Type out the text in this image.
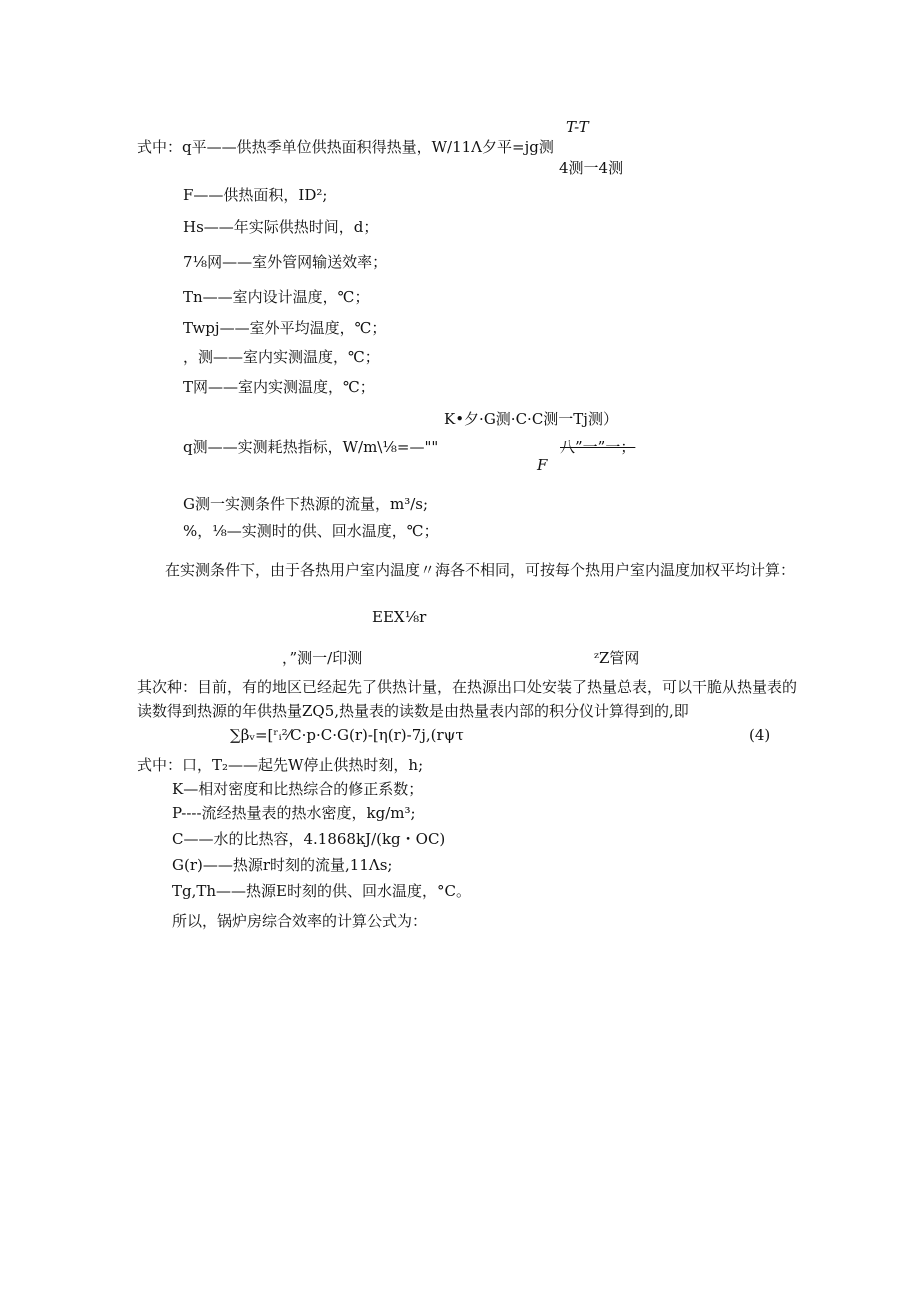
T-T
式中：q平——供热季单位供热面积得热量，W/11Λ夕平=jg测
4测一4测
F——供热面积，ID²;
Hs——年实际供热时间，d；
7⅛网——室外管网输送效率；
Tn——室内设计温度，℃；
Twpj——室外平均温度，℃；
，测——室内实测温度，℃；
T网——室内实测温度，℃；
K•夕·G测·C·C测一Tj测）
q测——实测耗热指标，W/m\⅛=—""	八”一”一；
F
G测一实测条件下热源的流量，m³/s;
%，⅛—实测时的供、回水温度，℃；
在实测条件下，由于各热用户室内温度〃海各不相同，可按每个热用户室内温度加权平均计算：
EEX⅛r
，”测一/印测	ᶻZ管网
其次种：目前，有的地区已经起先了供热计量，在热源出口处安装了热量总表，可以干脆从热量表的
读数得到热源的年供热量ZQ5,热量表的读数是由热量表内部的积分仪计算得到的,即
∑βᵥ=[ʳᵢ²⁄C·p·C·G(r)-[η(r)-7j,(rψτ	(4)
式中：口，T₂——起先W停止供热时刻，h;
K—相对密度和比热综合的修正系数；
P----流经热量表的热水密度，kg/m³;
C——水的比热容，4.1868kJ/(kg・OC)
G(r)——热源r时刻的流量,11Λs;
Tg,Th——热源E时刻的供、回水温度，°C。
所以，锅炉房综合效率的计算公式为：
